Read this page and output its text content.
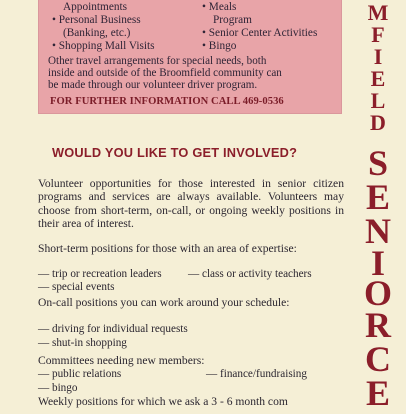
Appointments
• Personal Business
(Banking, etc.)
• Shopping Mall Visits
• Meals
Program
• Senior Center Activities
• Bingo
Other travel arrangements for special needs, both
inside and outside of the Broomfield community can
be made through our volunteer driver program.
FOR FURTHER INFORMATION CALL 469-0536
WOULD YOU LIKE TO GET INVOLVED?
Volunteer opportunities for those interested in senior citizen programs and services are always available. Volunteers may choose from short-term, on-call, or ongoing weekly positions in their area of interest.
Short-term positions for those with an area of expertise:
— trip or recreation leaders — class or activity teachers
— special events
On-call positions you can work around your schedule:
— driving for individual requests
— shut-in shopping
Committees needing new members:
— public relations	— finance/fundraising
— bingo
Weekly positions for which we ask a 3 - 6 month com
M
F
I
E
L
D
S
E
N
I
O
R
C
E
